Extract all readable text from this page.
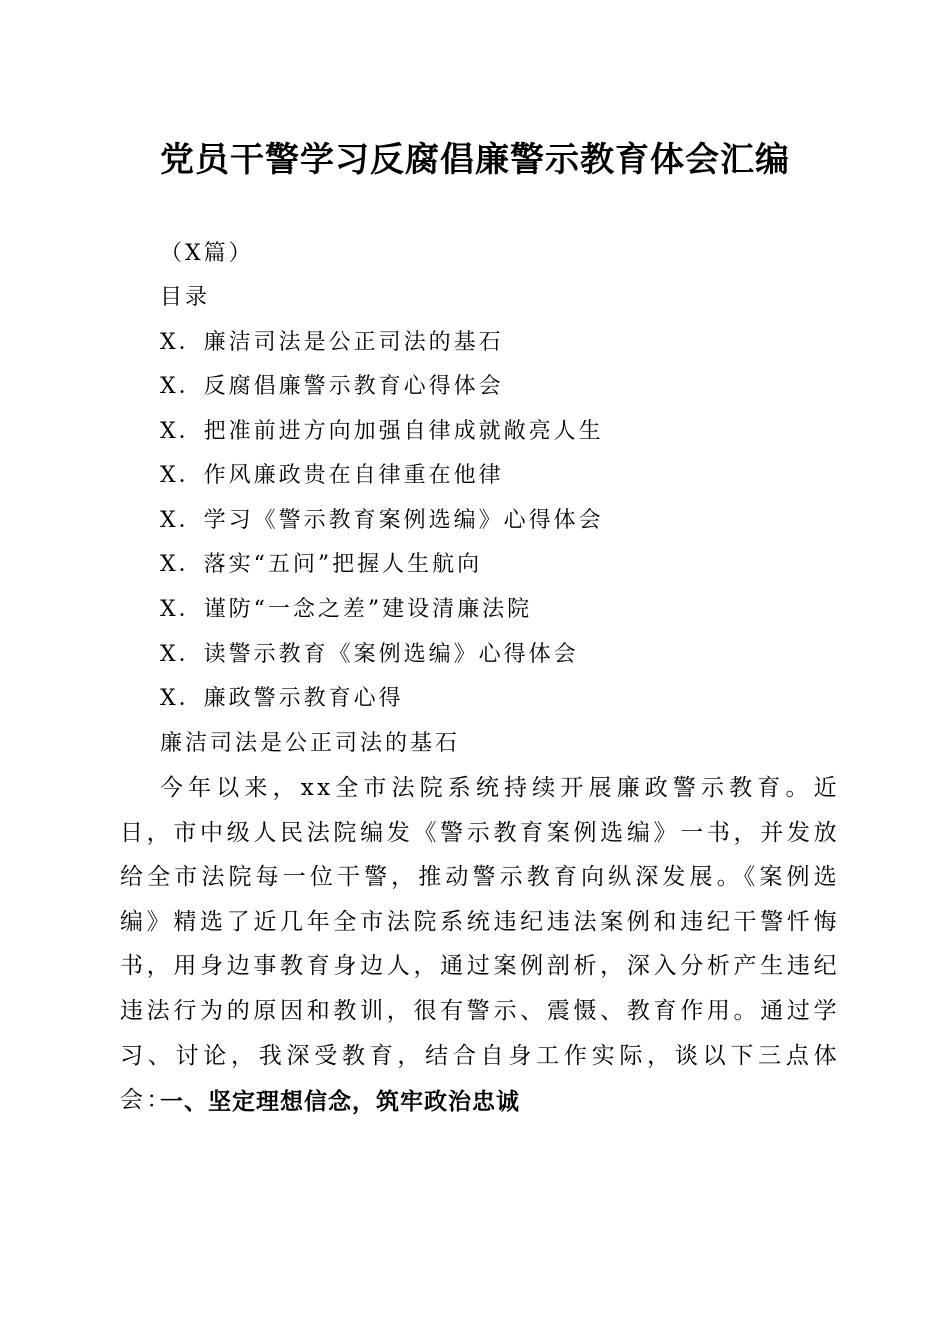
党员干警学习反腐倡廉警示教育体会汇编
（X篇）
目录
X．廉洁司法是公正司法的基石
X．反腐倡廉警示教育心得体会
X．把准前进方向加强自律成就敞亮人生
X．作风廉政贵在自律重在他律
X．学习《警示教育案例选编》心得体会
X．落实“五问”把握人生航向
X．谨防“一念之差”建设清廉法院
X．读警示教育《案例选编》心得体会
X．廉政警示教育心得
廉洁司法是公正司法的基石

今年以来，xx全市法院系统持续开展廉政警示教育。近日，市中级人民法院编发《警示教育案例选编》一书，并发放给全市法院每一位干警，推动警示教育向纵深发展。《案例选编》精选了近几年全市法院系统违纪违法案例和违纪干警忏悔书，用身边事教育身边人，通过案例剖析，深入分析产生违纪违法行为的原因和教训，很有警示、震慑、教育作用。通过学习、讨论，我深受教育，结合自身工作实际，谈以下三点体会：

一、坚定理想信念，筑牢政治忠诚
